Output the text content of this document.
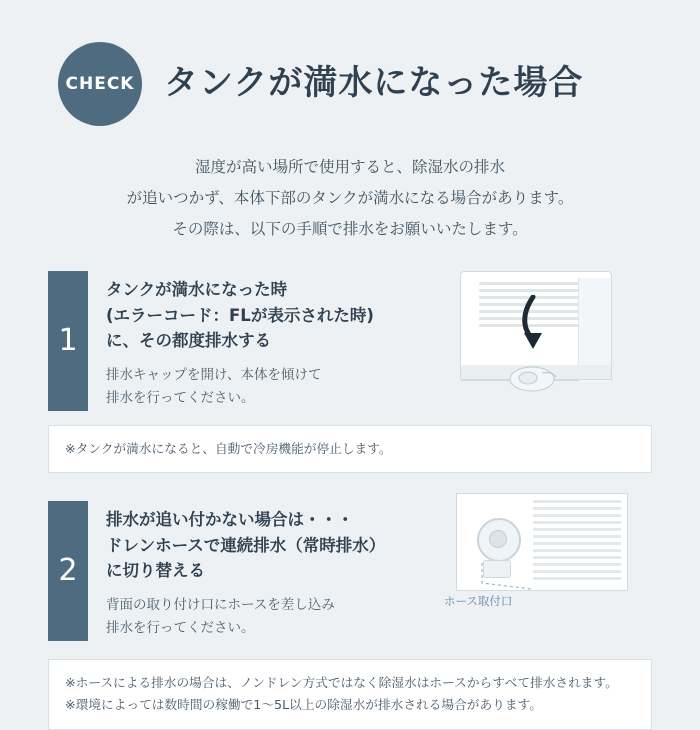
CHECK タンクが満水になった場合
湿度が高い場所で使用すると、除湿水の排水
が追いつかず、本体下部のタンクが満水になる場合があります。
その際は、以下の手順で排水をお願いいたします。
1
タンクが満水になった時
(エラーコード：FLが表示された時)
に、その都度排水する
排水キャップを開け、本体を傾けて
排水を行ってください。
※タンクが満水になると、自動で冷房機能が停止します。
2
排水が追い付かない場合は・・・
ドレンホースで連続排水（常時排水）
に切り替える
背面の取り付け口にホースを差し込み
排水を行ってください。
ホース取付口
※ホースによる排水の場合は、ノンドレン方式ではなく除湿水はホースからすべて排水されます。
※環境によっては数時間の稼働で1〜5L以上の除湿水が排水される場合があります。
